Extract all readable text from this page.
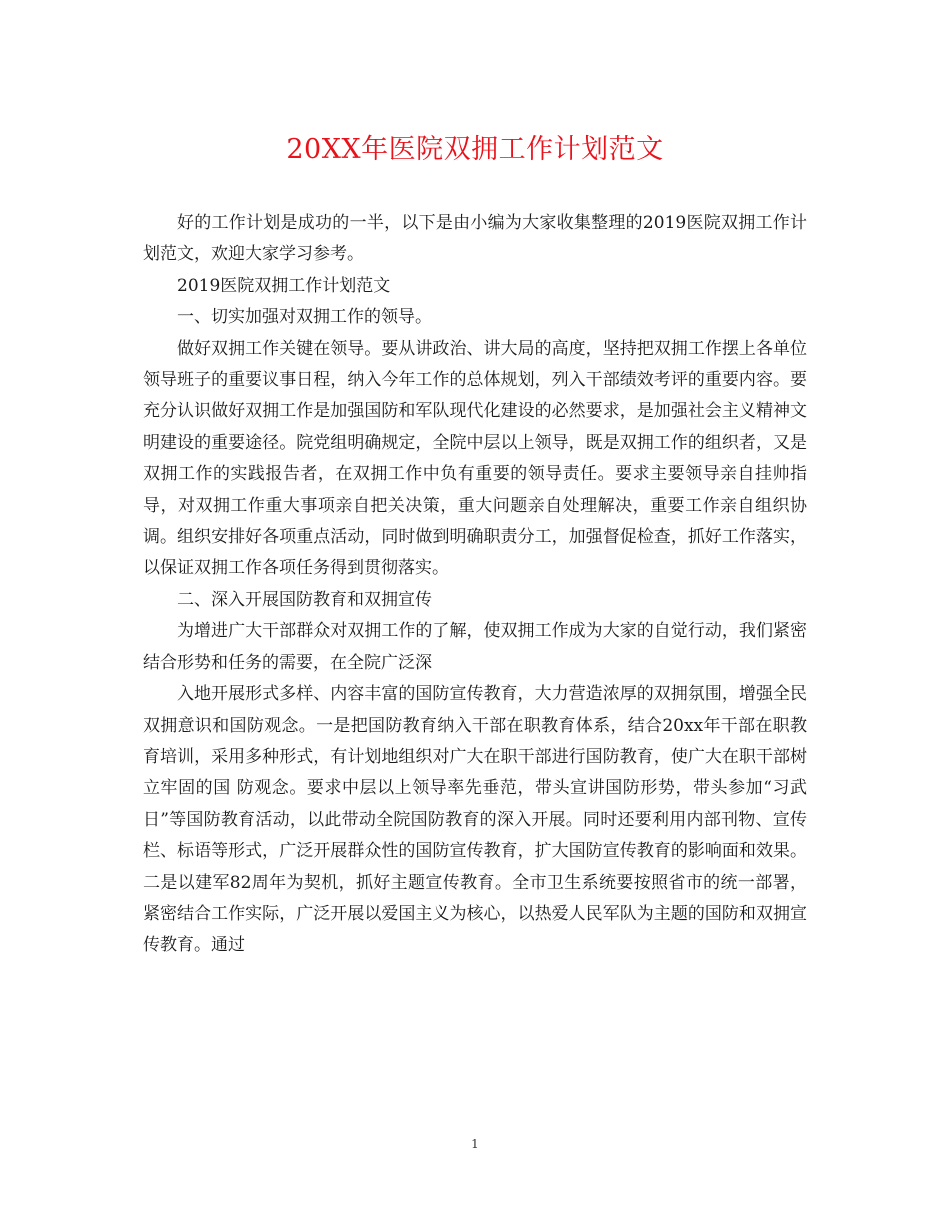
20XX年医院双拥工作计划范文

好的工作计划是成功的一半，以下是由小编为大家收集整理的2019医院双拥工作计划范文，欢迎大家学习参考。

2019医院双拥工作计划范文

一、切实加强对双拥工作的领导。

做好双拥工作关键在领导。要从讲政治、讲大局的高度，坚持把双拥工作摆上各单位领导班子的重要议事日程，纳入今年工作的总体规划，列入干部绩效考评的重要内容。要充分认识做好双拥工作是加强国防和军队现代化建设的必然要求，是加强社会主义精神文明建设的重要途径。院党组明确规定，全院中层以上领导，既是双拥工作的组织者，又是双拥工作的实践报告者，在双拥工作中负有重要的领导责任。要求主要领导亲自挂帅指导，对双拥工作重大事项亲自把关决策，重大问题亲自处理解决，重要工作亲自组织协调。组织安排好各项重点活动，同时做到明确职责分工，加强督促检查，抓好工作落实，以保证双拥工作各项任务得到贯彻落实。

二、深入开展国防教育和双拥宣传

为增进广大干部群众对双拥工作的了解，使双拥工作成为大家的自觉行动，我们紧密结合形势和任务的需要，在全院广泛深

入地开展形式多样、内容丰富的国防宣传教育，大力营造浓厚的双拥氛围，增强全民双拥意识和国防观念。一是把国防教育纳入干部在职教育体系，结合20xx年干部在职教育培训，采用多种形式，有计划地组织对广大在职干部进行国防教育，使广大在职干部树立牢固的国 防观念。要求中层以上领导率先垂范，带头宣讲国防形势，带头参加“习武日”等国防教育活动，以此带动全院国防教育的深入开展。同时还要利用内部刊物、宣传栏、标语等形式，广泛开展群众性的国防宣传教育，扩大国防宣传教育的影响面和效果。二是以建军82周年为契机，抓好主题宣传教育。全市卫生系统要按照省市的统一部署，紧密结合工作实际，广泛开展以爱国主义为核心，以热爱人民军队为主题的国防和双拥宣传教育。通过

1
